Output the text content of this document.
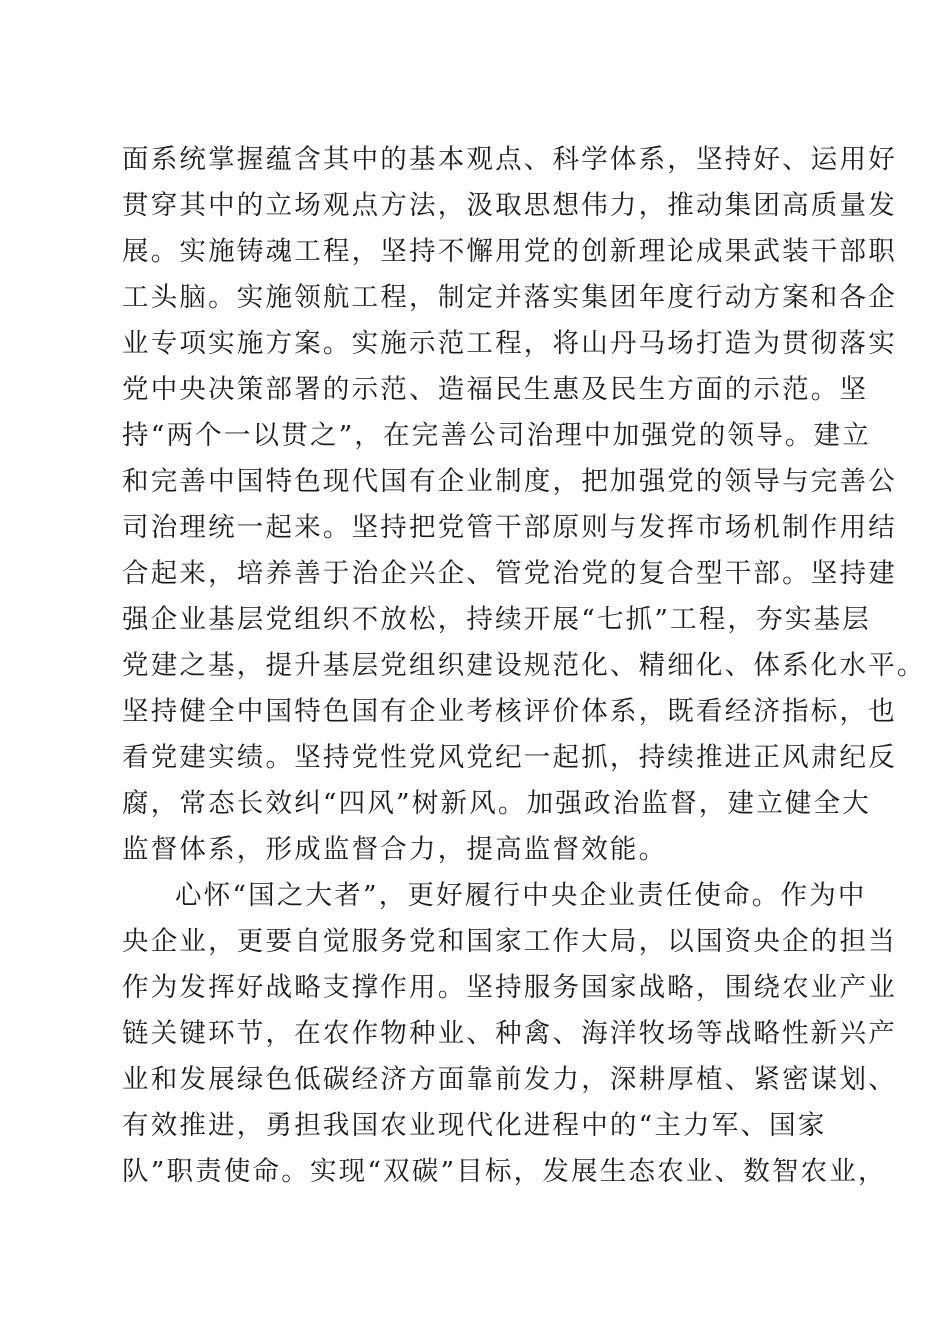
面系统掌握蕴含其中的基本观点、科学体系，坚持好、运用好
贯穿其中的立场观点方法，汲取思想伟力，推动集团高质量发
展。实施铸魂工程，坚持不懈用党的创新理论成果武装干部职
工头脑。实施领航工程，制定并落实集团年度行动方案和各企
业专项实施方案。实施示范工程，将山丹马场打造为贯彻落实
党中央决策部署的示范、造福民生惠及民生方面的示范。坚
持“两个一以贯之”，在完善公司治理中加强党的领导。建立
和完善中国特色现代国有企业制度，把加强党的领导与完善公
司治理统一起来。坚持把党管干部原则与发挥市场机制作用结
合起来，培养善于治企兴企、管党治党的复合型干部。坚持建
强企业基层党组织不放松，持续开展“七抓”工程，夯实基层
党建之基，提升基层党组织建设规范化、精细化、体系化水平。
坚持健全中国特色国有企业考核评价体系，既看经济指标，也
看党建实绩。坚持党性党风党纪一起抓，持续推进正风肃纪反
腐，常态长效纠“四风”树新风。加强政治监督，建立健全大
监督体系，形成监督合力，提高监督效能。
心怀“国之大者”，更好履行中央企业责任使命。作为中
央企业，更要自觉服务党和国家工作大局，以国资央企的担当
作为发挥好战略支撑作用。坚持服务国家战略，围绕农业产业
链关键环节，在农作物种业、种禽、海洋牧场等战略性新兴产
业和发展绿色低碳经济方面靠前发力，深耕厚植、紧密谋划、
有效推进，勇担我国农业现代化进程中的“主力军、国家
队”职责使命。实现“双碳”目标，发展生态农业、数智农业，
